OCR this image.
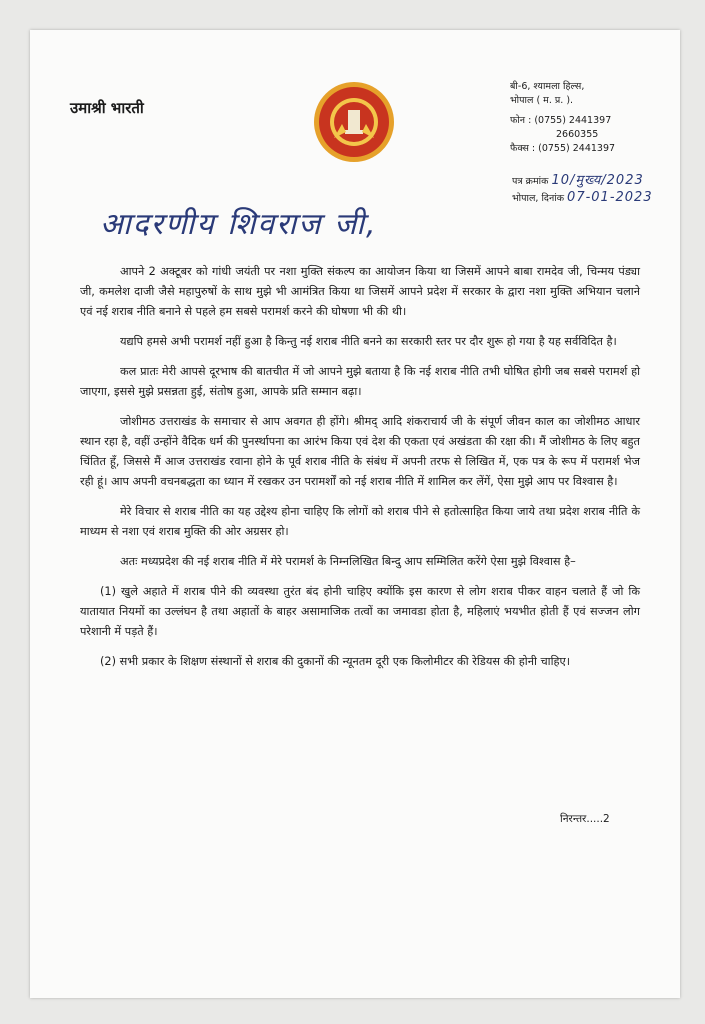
उमाश्री भारती
बी-6, श्यामला हिल्स,
भोपाल ( म. प्र. ).
फोन : (0755) 2441397
2660355
फैक्स : (0755) 2441397
पत्र क्रमांक 10/मुख्य/2023
भोपाल, दिनांक 07-01-2023
आदरणीय शिवराज जी,

आपने 2 अक्टूबर को गांधी जयंती पर नशा मुक्ति संकल्प का आयोजन किया था जिसमें आपने बाबा रामदेव जी, चिन्मय पंड्या जी, कमलेश दाजी जैसे महापुरुषों के साथ मुझे भी आमंत्रित किया था जिसमें आपने प्रदेश में सरकार के द्वारा नशा मुक्ति अभियान चलाने एवं नई शराब नीति बनाने से पहले हम सबसे परामर्श करने की घोषणा भी की थी।

यद्यपि हमसे अभी परामर्श नहीं हुआ है किन्तु नई शराब नीति बनने का सरकारी स्तर पर दौर शुरू हो गया है यह सर्वविदित है।

कल प्रातः मेरी आपसे दूरभाष की बातचीत में जो आपने मुझे बताया है कि नई शराब नीति तभी घोषित होगी जब सबसे परामर्श हो जाएगा, इससे मुझे प्रसन्नता हुई, संतोष हुआ, आपके प्रति सम्मान बढ़ा।

जोशीमठ उत्तराखंड के समाचार से आप अवगत ही होंगे। श्रीमद् आदि शंकराचार्य जी के संपूर्ण जीवन काल का जोशीमठ आधार स्थान रहा है, वहीं उन्होंने वैदिक धर्म की पुनर्स्थापना का आरंभ किया एवं देश की एकता एवं अखंडता की रक्षा की। मैं जोशीमठ के लिए बहुत चिंतित हूँ, जिससे मैं आज उत्तराखंड रवाना होने के पूर्व शराब नीति के संबंध में अपनी तरफ से लिखित में, एक पत्र के रूप में परामर्श भेज रही हूं। आप अपनी वचनबद्धता का ध्यान में रखकर उन परामर्शों को नई शराब नीति में शामिल कर लेंगें, ऐसा मुझे आप पर विश्वास है।

मेरे विचार से शराब नीति का यह उद्देश्य होना चाहिए कि लोगों को शराब पीने से हतोत्साहित किया जाये तथा प्रदेश शराब नीति के माध्यम से नशा एवं शराब मुक्ति की ओर अग्रसर हो।

अतः मध्यप्रदेश की नई शराब नीति में मेरे परामर्श के निम्नलिखित बिन्दु आप सम्मिलित करेंगे ऐसा मुझे विश्वास है–

(1) खुले अहाते में शराब पीने की व्यवस्था तुरंत बंद होनी चाहिए क्योंकि इस कारण से लोग शराब पीकर वाहन चलाते हैं जो कि यातायात नियमों का उल्लंघन है तथा अहातों के बाहर असामाजिक तत्वों का जमावडा होता है, महिलाएं भयभीत होती हैं एवं सज्जन लोग परेशानी में पड़ते हैं।

(2) सभी प्रकार के शिक्षण संस्थानों से शराब की दुकानों की न्यूनतम दूरी एक किलोमीटर की रेडियस की होनी चाहिए।

निरन्तर.....2
